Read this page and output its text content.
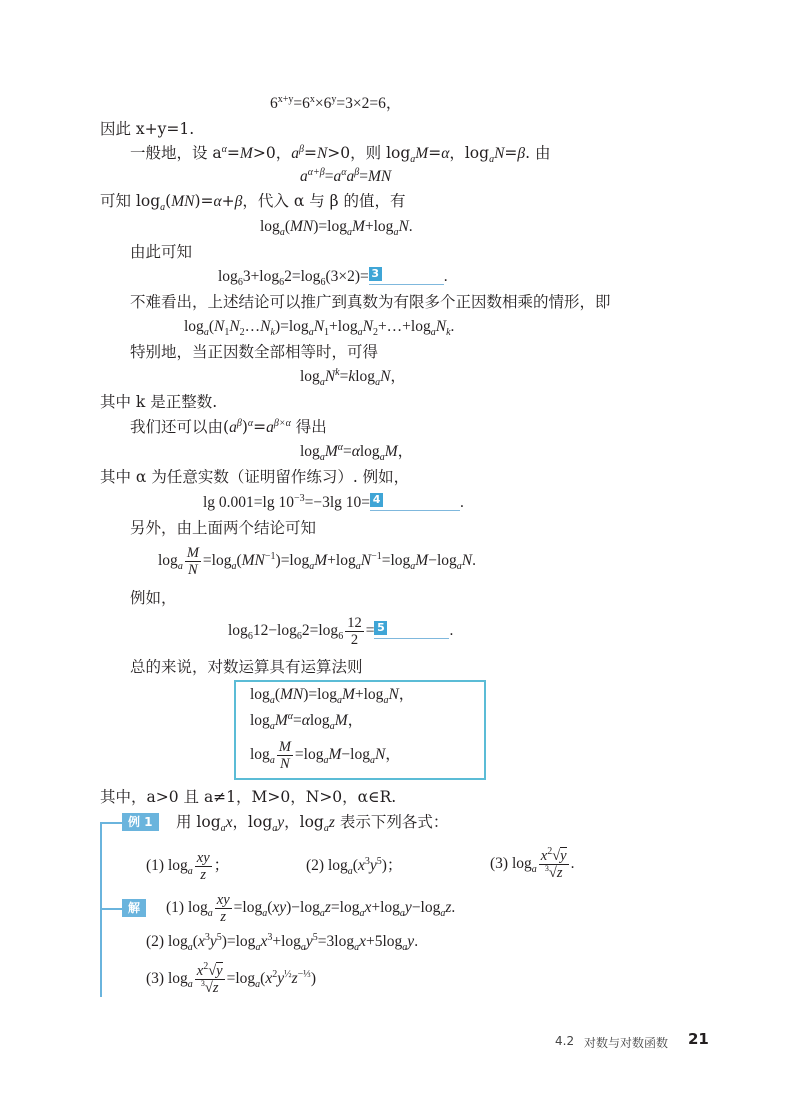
$6^{x+y}=6^x\times 6^y=3\times 2=6$，
因此 x+y=1.
一般地，设 $a^\alpha=M>0$，$a^\beta=N>0$，则 $\log_aM=\alpha$，$\log_aN=\beta$. 由
$a^{\alpha+\beta}=a^\alpha a^\beta=MN$
可知 $\log_a(MN)=\alpha+\beta$，代入 α 与 β 的值，有
$\log_a(MN)=\log_aM+\log_aN$.
由此可知
$\log_63+\log_62=\log_6(3\times 2)= 3$	.
不难看出，上述结论可以推广到真数为有限多个正因数相乘的情形，即
$\log_a(N_1N_2\dots N_k)=\log_aN_1+\log_aN_2+\dots+\log_aN_k$.
特别地，当正因数全部相等时，可得
$\log_aN^k=klog_aN$，
其中 k 是正整数.
我们还可以由$(a^\beta)^\alpha=a^{\beta\times\alpha}$ 得出
$\log_aM^\alpha=\alpha\log_aM$，
其中 α 为任意实数（证明留作练习）. 例如，
lg 0.001=lg $10^{-3}=-3\lg$ 10= 4	.
另外，由上面两个结论可知
$\log_a \frac{M}{N} =\log_a(MN^{-1})=\log_aM+\log_aN^{-1}=\log_aM-\log_aN$.
例如，
$\log_612-\log_62=\log_6 \frac{12}{2} = 5$	.
总的来说，对数运算具有运算法则
$\log_a(MN)=\log_aM+\log_aN$，
$\log_aM^\alpha=\alpha\log_aM$，
$\log_a \frac{M}{N} =\log_aM-\log_aN$，
其中，a>0 且 a≠1，M>0，N>0，α∈R.
例 1	用 $\log_ax$，$\log_ay$，$\log_az$ 表示下列各式：
(1) $\log_a \frac{xy}{z}$ ；	(2) $\log_a(x^3y^5)$；	(3) $\log_a \frac{x^2√y}{^3√z}$ .
解	(1) $\log_a \frac{xy}{z} =\log_a(xy)-\log_az=\log_ax+\log_ay-\log_az$.
(2) $\log_a(x^3y^5)=\log_ax^3+\log_ay^5=3\log_ax+5\log_ay$.
(3) $\log_a \frac{x^2√y}{^3√z} =\log_a(x^2y^{\frac{1}{2}}z^{-\frac{1}{3}})$
4.2 对数与对数函数 21
